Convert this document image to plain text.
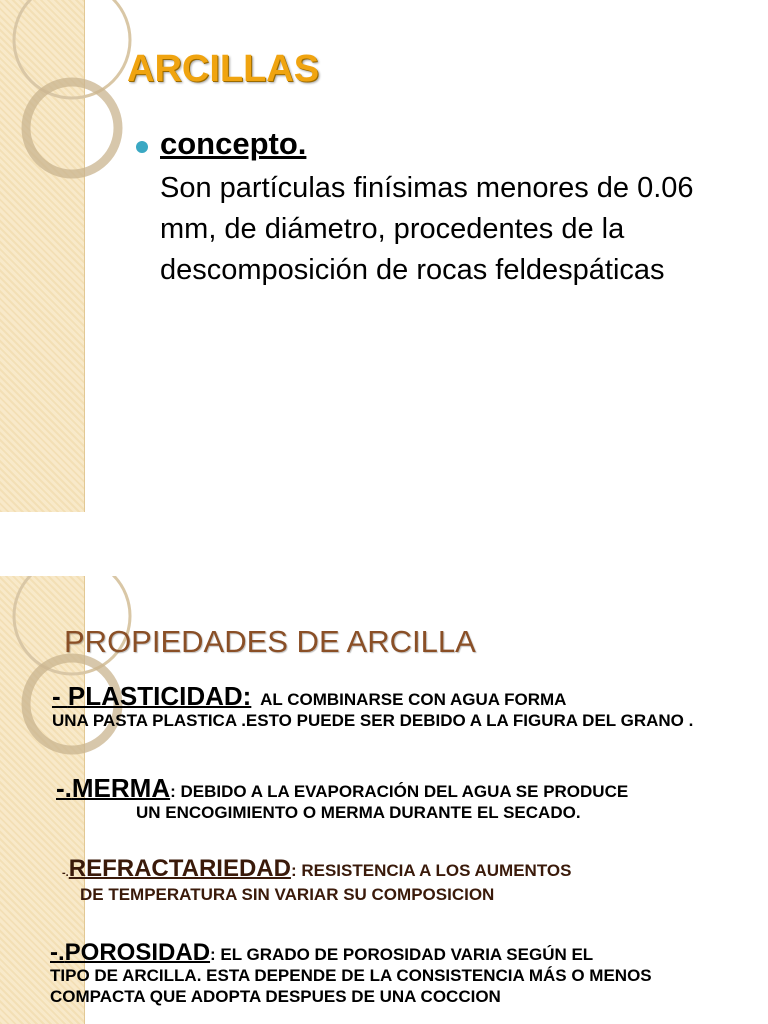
ARCILLAS

concepto.

Son partículas finísimas menores de 0.06 mm, de diámetro, procedentes de la descomposición de rocas feldespáticas

PROPIEDADES DE ARCILLA

- PLASTICIDAD: AL COMBINARSE CON AGUA FORMA
UNA PASTA PLASTICA .ESTO PUEDE SER DEBIDO A LA FIGURA DEL GRANO .

-.MERMA: DEBIDO A LA EVAPORACIÓN DEL AGUA SE PRODUCE
UN ENCOGIMIENTO O MERMA DURANTE EL SECADO.

-.REFRACTARIEDAD: RESISTENCIA A LOS AUMENTOS
DE TEMPERATURA SIN VARIAR SU COMPOSICION

-.POROSIDAD: EL GRADO DE POROSIDAD VARIA SEGÚN EL
TIPO DE ARCILLA. ESTA DEPENDE DE LA CONSISTENCIA MÁS O MENOS COMPACTA QUE ADOPTA DESPUES DE UNA COCCION
